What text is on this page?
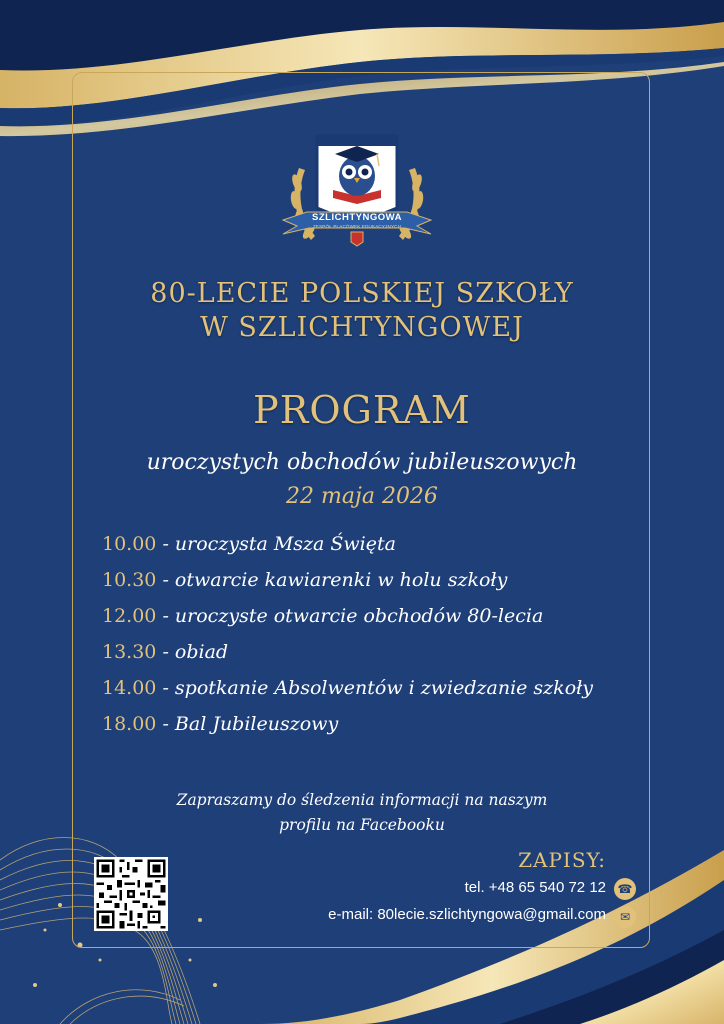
SZLICHTYNGOWA
ZESPÓŁ PLACÓWEK EDUKACYJNYCH
80-LECIE POLSKIEJ SZKOŁY
W SZLICHTYNGOWEJ
PROGRAM
uroczystych obchodów jubileuszowych
22 maja 2026
10.00 - uroczysta Msza Święta
10.30 - otwarcie kawiarenki w holu szkoły
12.00 - uroczyste otwarcie obchodów 80-lecia
13.30 - obiad
14.00 - spotkanie Absolwentów i zwiedzanie szkoły
18.00 - Bal Jubileuszowy
Zapraszamy do śledzenia informacji na naszym
profilu na Facebooku
ZAPISY:
tel. +48 65 540 72 12 ☎
e-mail: 80lecie.szlichtyngowa@gmail.com	✉
